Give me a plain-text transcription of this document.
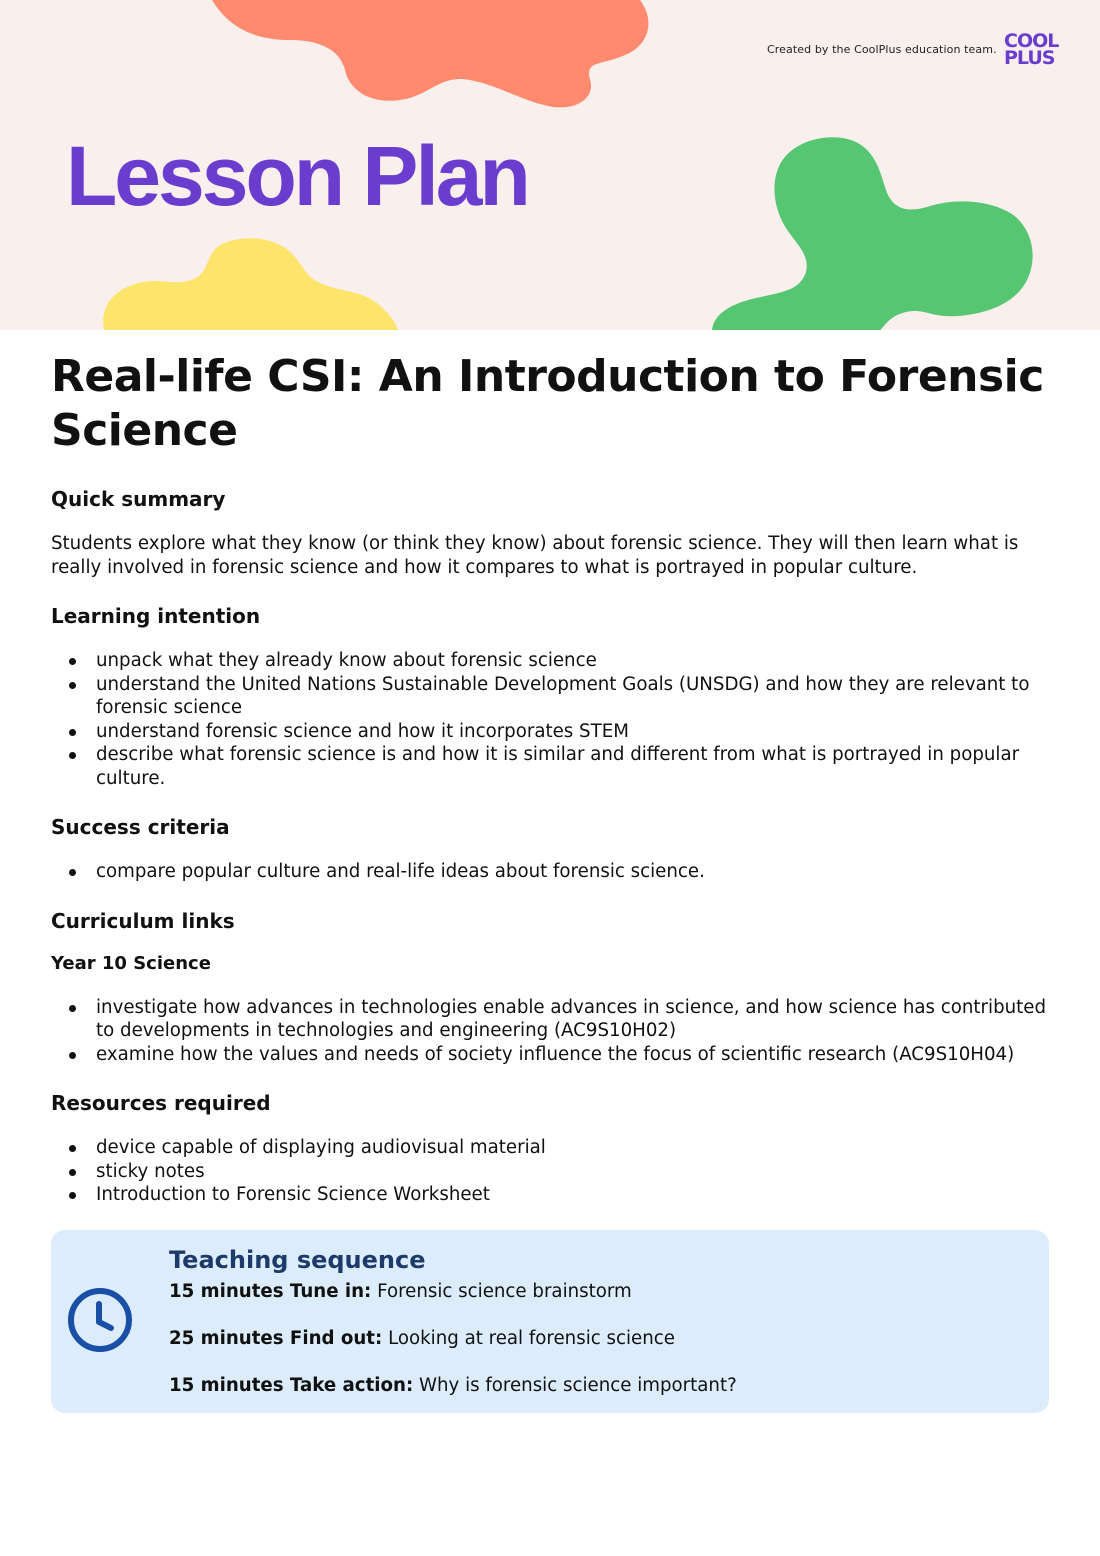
Created by the CoolPlus education team. COOL
PLUS
Lesson Plan
Real-life CSI: An Introduction to Forensic Science
Quick summary

Students explore what they know (or think they know) about forensic science. They will then learn what is really involved in forensic science and how it compares to what is portrayed in popular culture.

Learning intention
unpack what they already know about forensic science
understand the United Nations Sustainable Development Goals (UNSDG) and how they are relevant to forensic science
understand forensic science and how it incorporates STEM
describe what forensic science is and how it is similar and different from what is portrayed in popular culture.
Success criteria
compare popular culture and real-life ideas about forensic science.
Curriculum links
Year 10 Science
investigate how advances in technologies enable advances in science, and how science has contributed to developments in technologies and engineering (AC9S10H02)
examine how the values and needs of society influence the focus of scientific research (AC9S10H04)
Resources required
device capable of displaying audiovisual material
sticky notes
Introduction to Forensic Science Worksheet
Teaching sequence
15 minutes Tune in: Forensic science brainstorm
25 minutes Find out: Looking at real forensic science
15 minutes Take action: Why is forensic science important?
